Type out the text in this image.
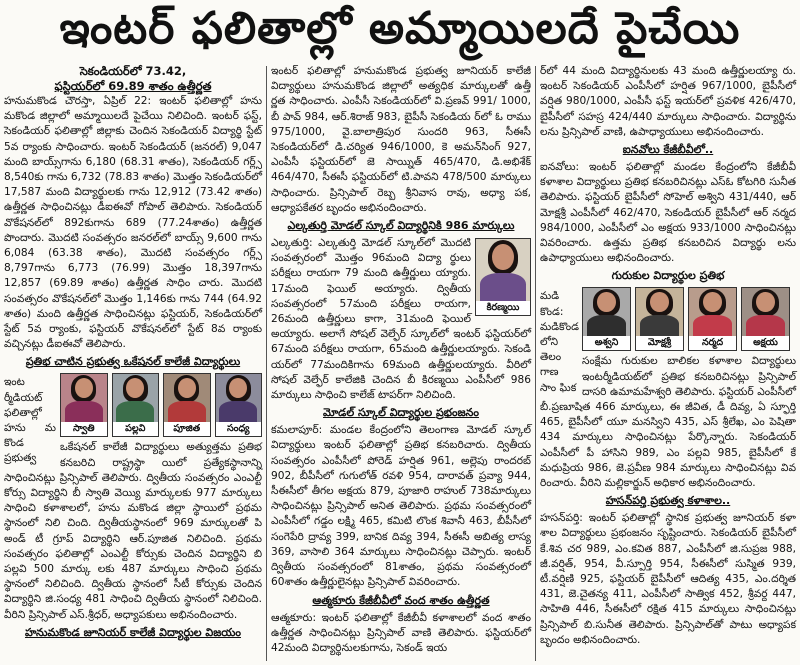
ఇంటర్ ఫలితాల్లో అమ్మాయిలదే పైచేయి
సెకండియర్‌లో 73.42,
ఫస్టియర్‌లో 69.89 శాతం ఉత్తీర్ణత

హనుమకొండ చౌరస్తా, ఏప్రిల్ 22: ఇంటర్ ఫలితాల్లో హను మకొండ జిల్లాలో అమ్మాయిలదే పైచేయి నిలిచింది. ఇంటర్ ఫస్ట్, సెకండియర్ ఫలితాల్లో జిల్లాకు చెందిన సెకండియర్ విద్యార్థి స్టేట్ 5వ ర్యాంకు సాధించారు. ఇంటర్ సెకండియర్ (జనరల్) 9,047 మంది బాయ్స్‌గాను 6,180 (68.31 శాతం), సెకండియర్ గర్ల్స్ 8,540కు గాను 6,732 (78.83 శాతం) మొత్తం సెకండియర్‌లో 17,587 మంది విద్యార్థులకు గాను 12,912 (73.42 శాతం) ఉత్తీర్ణత సాధించినట్లు డీఐఈవో గోపాల్ తెలిపారు. సెకండియర్ వొకేషనల్‌లో 892కుగాను 689 (77.24శాతం) ఉత్తీర్ణత పొందారు. మొదటి సంవత్సరం జనరల్‌లో బాయ్స్ 9,600 గాను 6,084 (63.38 శాతం), మొదటి సంవత్సరం గర్ల్స్ 8,797గాను 6,773 (76.99) మొత్తం 18,397గాను 12,857 (69.89 శాతం) ఉత్తీర్ణత సాధిం చారు. మొదటి సంవత్సరం వొకేషనల్‌లో మొత్తం 1,146కు గాను 744 (64.92 శాతం) మంది ఉత్తీర్ణత సాధించినట్లు ఫస్టియర్, సెకండియర్‌లో స్టేట్ 5వ ర్యాంకు, ఫస్టియర్ వొకేషనల్‌లో స్టేట్ 8వ ర్యాంకు వచ్చినట్లు డీఐఈవో తెలిపారు.

ప్రతిభ చాటిన ప్రభుత్వ ఒకేషనల్ కాలేజీ విద్యార్థులు
ఇంట ర్మీడియట్ ఫలితాల్లో హను మ కొండ ప్రభుత్వ
స్వాతి	పల్లవి	పూజిత	సంధ్య

ఒకేషనల్ కాలేజీ విద్యార్థులు అత్యుత్తమ ప్రతిభ కనబరిచి రాష్ట్రస్థా యిలో ప్రత్యేకస్థానాన్ని సాధించినట్లు ప్రిన్సిపాల్ తెలిపారు. ద్వితీయ సంవత్సరం ఎంఎల్టీ కోర్సు విద్యార్థిని బీ స్వాతి వెయ్యి మార్కులకు 977 మార్కులు సాధించి కళాశాలలో, హను మకొండ జిల్లా స్థాయిలో ప్రథమ స్థానంలో నిలి చింది. ద్వితీయస్థానంలో 969 మార్కులతో పి అండ్ టీ గ్రూప్ విద్యార్థిని ఆర్.పూజిత నిలిచింది. ప్రథమ సంవత్సరం ఫలితాల్లో ఎంఎల్టీ కోర్సుకు చెందిన విద్యార్థిని బి పల్లవి 500 మార్కు లకు 487 మార్కులు సాధించి ప్రథమ స్థానంలో నిలిచింది. ద్వితీయ స్థానంలో సీటీ కోర్సుకు చెందిన విద్యార్థిని జి.సంధ్య 481 సాధించి ద్వితీయ స్థానంలో నిలిచింది. వీరిని ప్రిన్సిపాల్ ఎస్.శ్రీధర్, అధ్యాపకులు అభినందించారు.

హనుమకొండ జూనియర్ కాలేజీ విద్యార్థుల విజయం

ఇంటర్ ఫలితాల్లో హనుమకొండ ప్రభుత్వ జూనియర్ కాలేజీ విద్యార్థులు హనుమకొండ జిల్లాలో అత్యధిక మార్కులతో ఉత్తీ ర్ణత సాధించారు. ఎంపీసీ సెకండియర్‌లో వి.ప్రణవ్ 991/ 1000, బీ పావ్ 984, ఆర్.శిరాజ్ 983, బైపీసీ సెకండియ ర్‌లో ఓ రాము 975/1000, వై.బాలాత్రిపుర సుందరి 963, సీఈసీ సెకండియర్‌లో డి.చర్యిత 946/1000, కె అమన్‌సింగ్ 927, ఎంపీసీ ఫస్టియర్‌లో జె సాయ్నిత్ 465/470, డి.అభిశేక్ 464/470, సీఈసీ ఫస్టియర్‌లో టి.పావని 478/500 మార్కులు సాధించారు. ప్రిన్సిపాల్ రెబ్బ శ్రీనివాస రావు, అధ్యా పక, ఆధ్యాపకేతర బృందం అభినందించారు.

ఎల్కతుర్తి మోడల్ స్కూల్ విద్యార్థినికి 986 మార్కులు
కిరణ్మయి

ఎల్కతుర్తి: ఎల్కతుర్తి మోడల్ స్కూల్‌లో మొదటి సంవత్సరంలో మొత్తం 96మంది విద్యా ర్థులు పరీక్షలు రాయగా 79 మంది ఉత్తీర్ణులు య్యారు. 17మంది ఫెయిల్ అయ్యారు. ద్వితీయ సంవత్సరంలో 57మంది పరీక్షలు రాయగా, 26మంది ఉత్తీర్ణులు కాగా, 31మంది ఫెయిల్ అయ్యారు. అలాగే సోషల్ వెల్ఫేర్ స్కూల్‌లో ఇంటర్ ఫస్టియర్‌లో 67మంది పరీక్షలు రాయగా, 65మంది ఉత్తీర్ణులయ్యారు. సెకండి యర్‌లో 77మందికిగాను 69మంది ఉత్తీర్ణులయ్యారు. వీరిలో సోషల్ వెల్ఫేర్ కాలేజికి చెందిన బీ కిరణ్మయి ఎంపీసీలో 986 మార్కులు సాధించి కాలేజ్ టాపర్‌గా నిలిచింది.

మోడల్ స్కూల్ విద్యార్థుల ప్రభంజనం

కమలాపూర్: మండల కేంద్రంలోని తెలంగాణ మోడల్ స్కూల్ విద్యార్థులు ఇంటర్ ఫలితాల్లో ప్రతిభ కనబరిచారు. ద్వితీయ సంవత్సరం ఎంపీసీలో పోరెడ్ హర్షిత 961, అల్లెపు రాందరబ్ 902, బీపీసీలో గుగులోత్ రవళి 954, దారావత్ ప్రవ్యా 944, సీఈసీలో తీగల అక్షయ 879, పూజారి రాహుల్ 738మార్కులు సాధించినట్లు ప్రిన్సిపాల్ అనిత తెలిపారు. ప్రథమ సంవత్సరంలో ఎంపీసీలో గడ్డం లక్ష్మి 465, కమిటి లొంక శివానీ 463, బీపీసీలో సంగెపేరి ద్రావ్య 399, బానిక దివ్య 394, సీఈసీ అబిత్య లాస్య 369, వాసాలి 364 మార్కులు సాధించినట్లు చెప్పారు. ఇంటర్ ద్వితీయ సంవత్సరంలో 81శాతం, ప్రథమ సంవత్సరంలో 60శాతం ఉత్తీర్ణులైనట్లు ప్రిన్సిపాల్ వివరించారు.

ఆత్మకూరు కేజీబీవీలో వంద శాతం ఉత్తీర్ణత

ఆత్మకూరు: ఇంటర్ ఫలితాల్లో కేజీబీవీ కళాశాలలో వంద శాతం ఉత్తీర్ణత సాధించినట్లు ప్రిన్సిపాల్ వాణి తెలిపారు. ఫస్టియర్‌లో 42మంది విద్యార్థినులకుగాను, సెకండ్ ఇయ

ర్‌లో 44 మంది విద్యార్థినులకు 43 మంది ఉత్తీర్ణులయ్యా రు. ఇంటర్ సెకండియర్ ఎంపీసీలో హర్షిత 967/1000, బైపీసీలో వర్షిత 980/1000, ఎంపీసీ ఫస్ట్ ఇయర్‌లో ప్రవళిక 426/470, బైపీసీలో సహస్ర 424/440 మార్కులు సాధించారు. విద్యార్థిను లను ప్రిన్సిపాల్ వాణి, ఉపాధ్యాయులు అభినందించారు.

ఐనవోలు కేజీబీవీలో..

ఐనవోలు: ఇంటర్ ఫలితాల్లో మండల కేంద్రంలోని కేజీబీవీ కళాశాల విద్యార్థులు ప్రతిభ కనబరిచినట్లు ఎస్‌ఓ కోటగిరి సునీత తెలిపారు. ఫస్టియర్ బైపీసీలో సోహెల్ అశ్విని 431/440, ఆర్ మోక్షశ్రీ ఎంపీసీలో 462/470, సెకండియర్ బైపీసీలో ఆర్ నర్మద 984/1000, ఎంపీసీలో ఎం అక్షయ 933/1000 సాధించినట్లు వివరించారు. ఉత్తమ ప్రతిభ కనబరిచిన విద్యార్థు లను ఉపాధ్యాయులు అభినందించారు.

గురుకుల విద్యార్థుల ప్రతిభ
మడి కొండ: మడికొండ లోని తెలం గాణ సాం ఘిక
అశ్వని	మోక్షశ్రీ	నర్మద	అక్షయ

సంక్షేమ గురుకుల బాలికల కళాశాల విద్యార్థులు ఇంటర్మీడియట్‌లో ప్రతిభ కనబరిచినట్లు ప్రిన్సిపాల్ దాసరి ఉమామహేశ్వరి తెలిపారు. ఫస్టియర్ ఎంపీసీలో బీ.ప్రణూషిత 466 మార్కులు, ఈ జీవిత, డీ దివ్య, ఏ స్ఫూర్తి 465, బైపీసీలో యూ మనస్విని 435, ఎస్ శ్రీలేఖ, ఎం పెషితా 434 మార్కులు సాధించినట్లు పేర్కొన్నారు. సెకండియర్ ఎంపీసీలో పీ హాసిని 989, ఎం పల్లవి 985, బైపీసీలో కే మధుప్రియ 986, జె.ప్రవీణ 984 మార్కులు సాధించినట్లు వివ రించారు. వీరిని మల్లికార్జున్ అధికార అభినందించారు.

హసన్‌పర్తి ప్రభుత్వ కళాశాల..

హసన్‌పర్తి: ఇంటర్ ఫలితాల్లో స్థానిక ప్రభుత్వ జూనియర్ కళా శాల విద్యార్థులు ప్రభంజనం సృష్టించారు. సెకండియర్ బైపీసీలో కే.శివ చర 989, ఎం.కవిత 887, ఎంపీసీలో జి.సుప్రజ 988, జీ.వర్షిత్, 954, వీ.స్పూర్తి 954, సీఈసీలో సుస్మిత 939, టీ.వర్షిణి 925, ఫస్టియర్ బైపీసీలో ఆదిత్య 435, ఎం.దర్శిత 431, జె.చైతన్య 411, ఎంపీసీలో సాత్విక 452, శ్రీవర్ద 447, సాహితి 446, సీఈసీలో రక్షిత 415 మార్కులు సాధించినట్లు ప్రిన్సిపాల్ బి.సునీత తెలిపారు. ప్రిన్సిపాల్‌తో పాటు అధ్యాపక బృందం అభినందించారు.
